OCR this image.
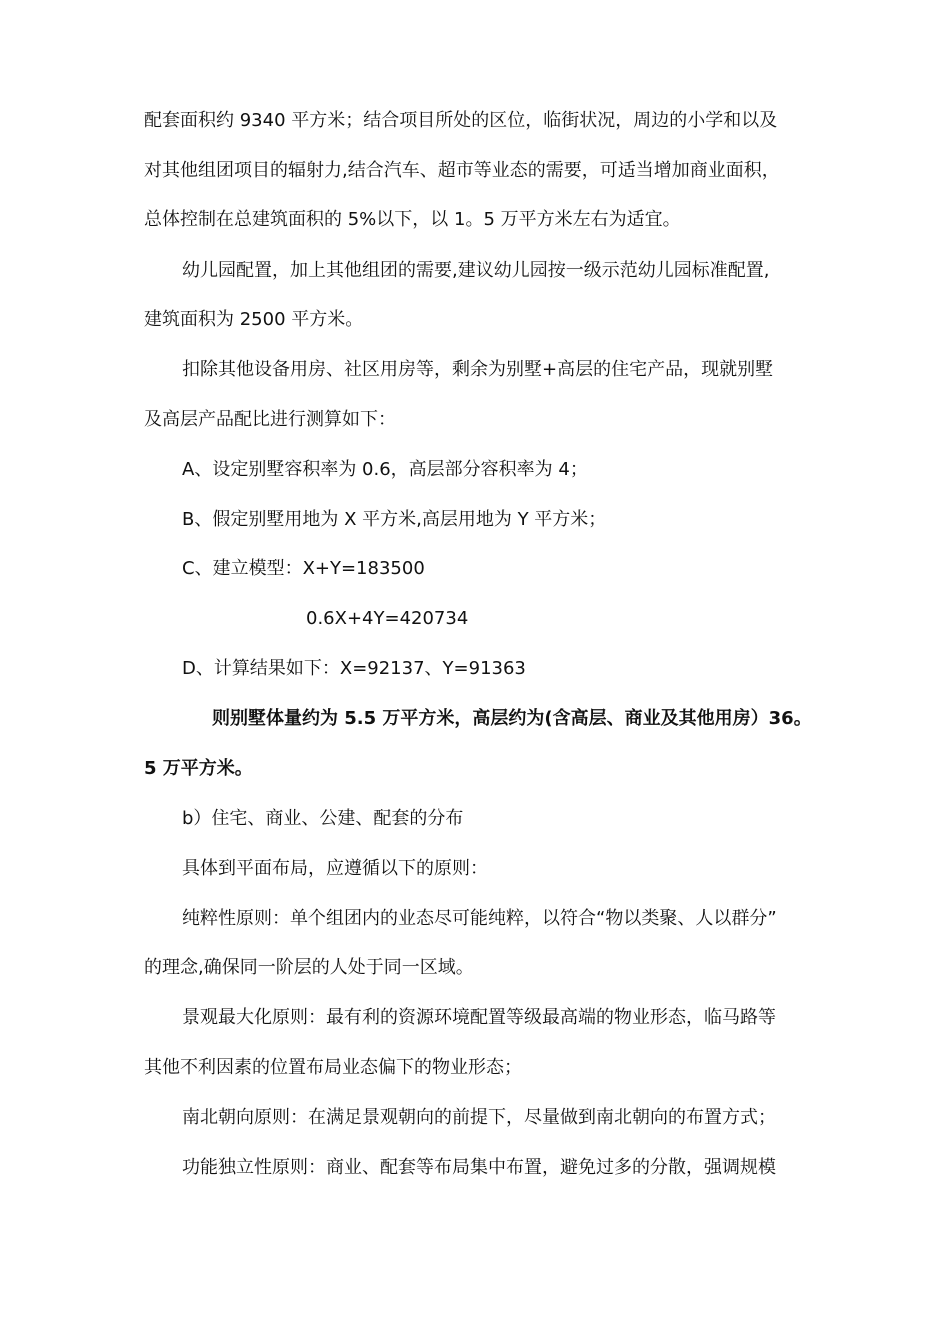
配套面积约 9340 平方米；结合项目所处的区位，临街状况，周边的小学和以及
对其他组团项目的辐射力,结合汽车、超市等业态的需要，可适当增加商业面积，
总体控制在总建筑面积的 5%以下，以 1。5 万平方米左右为适宜。
幼儿园配置，加上其他组团的需要,建议幼儿园按一级示范幼儿园标准配置,
建筑面积为 2500 平方米。
扣除其他设备用房、社区用房等，剩余为别墅+高层的住宅产品，现就别墅
及高层产品配比进行测算如下：
A、设定别墅容积率为 0.6，高层部分容积率为 4；
B、假定别墅用地为 X 平方米,高层用地为 Y 平方米；
C、建立模型：X+Y=183500
0.6X+4Y=420734
D、计算结果如下：X=92137、Y=91363
则别墅体量约为 5.5 万平方米，高层约为(含高层、商业及其他用房）36。
5 万平方米。
b）住宅、商业、公建、配套的分布
具体到平面布局，应遵循以下的原则：
纯粹性原则：单个组团内的业态尽可能纯粹，以符合“物以类聚、人以群分”
的理念,确保同一阶层的人处于同一区域。
景观最大化原则：最有利的资源环境配置等级最高端的物业形态，临马路等
其他不利因素的位置布局业态偏下的物业形态；
南北朝向原则：在满足景观朝向的前提下，尽量做到南北朝向的布置方式；
功能独立性原则：商业、配套等布局集中布置，避免过多的分散，强调规模
